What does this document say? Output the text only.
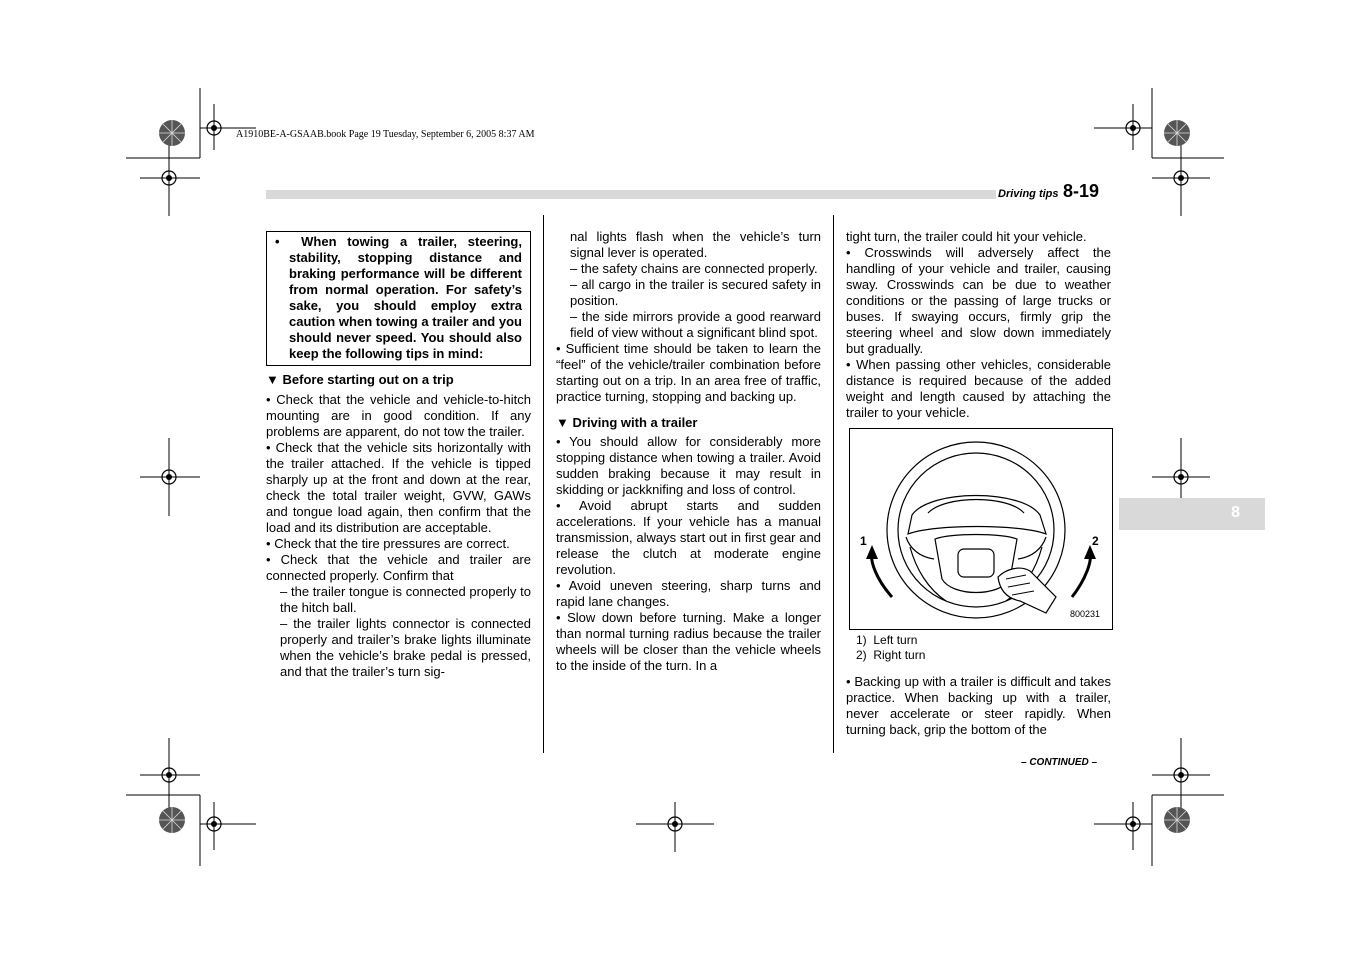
A1910BE-A-GSAAB.book Page 19 Tuesday, September 6, 2005 8:37 AM
Driving tips 8-19
8

• When towing a trailer, steering, stability, stopping distance and braking performance will be different from normal operation. For safety’s sake, you should employ extra caution when towing a trailer and you should never speed. You should also keep the following tips in mind:

▼ Before starting out on a trip

• Check that the vehicle and vehicle-to-hitch mounting are in good condition. If any problems are apparent, do not tow the trailer.

• Check that the vehicle sits horizontally with the trailer attached. If the vehicle is tipped sharply up at the front and down at the rear, check the total trailer weight, GVW, GAWs and tongue load again, then confirm that the load and its distribution are acceptable.

• Check that the tire pressures are correct.

• Check that the vehicle and trailer are connected properly. Confirm that

– the trailer tongue is connected properly to the hitch ball.

– the trailer lights connector is connected properly and trailer’s brake lights illuminate when the vehicle’s brake pedal is pressed, and that the trailer’s turn sig-

nal lights flash when the vehicle’s turn signal lever is operated.

– the safety chains are connected properly.

– all cargo in the trailer is secured safety in position.

– the side mirrors provide a good rearward field of view without a significant blind spot.

• Sufficient time should be taken to learn the “feel” of the vehicle/trailer combination before starting out on a trip. In an area free of traffic, practice turning, stopping and backing up.

▼ Driving with a trailer

• You should allow for considerably more stopping distance when towing a trailer. Avoid sudden braking because it may result in skidding or jackknifing and loss of control.

• Avoid abrupt starts and sudden accelerations. If your vehicle has a manual transmission, always start out in first gear and release the clutch at moderate engine revolution.

• Avoid uneven steering, sharp turns and rapid lane changes.

• Slow down before turning. Make a longer than normal turning radius because the trailer wheels will be closer than the vehicle wheels to the inside of the turn. In a

tight turn, the trailer could hit your vehicle.

• Crosswinds will adversely affect the handling of your vehicle and trailer, causing sway. Crosswinds can be due to weather conditions or the passing of large trucks or buses. If swaying occurs, firmly grip the steering wheel and slow down immediately but gradually.

• When passing other vehicles, considerable distance is required because of the added weight and length caused by attaching the trailer to your vehicle.

1	2
800231
1) Left turn
2) Right turn

• Backing up with a trailer is difficult and takes practice. When backing up with a trailer, never accelerate or steer rapidly. When turning back, grip the bottom of the

– CONTINUED –
